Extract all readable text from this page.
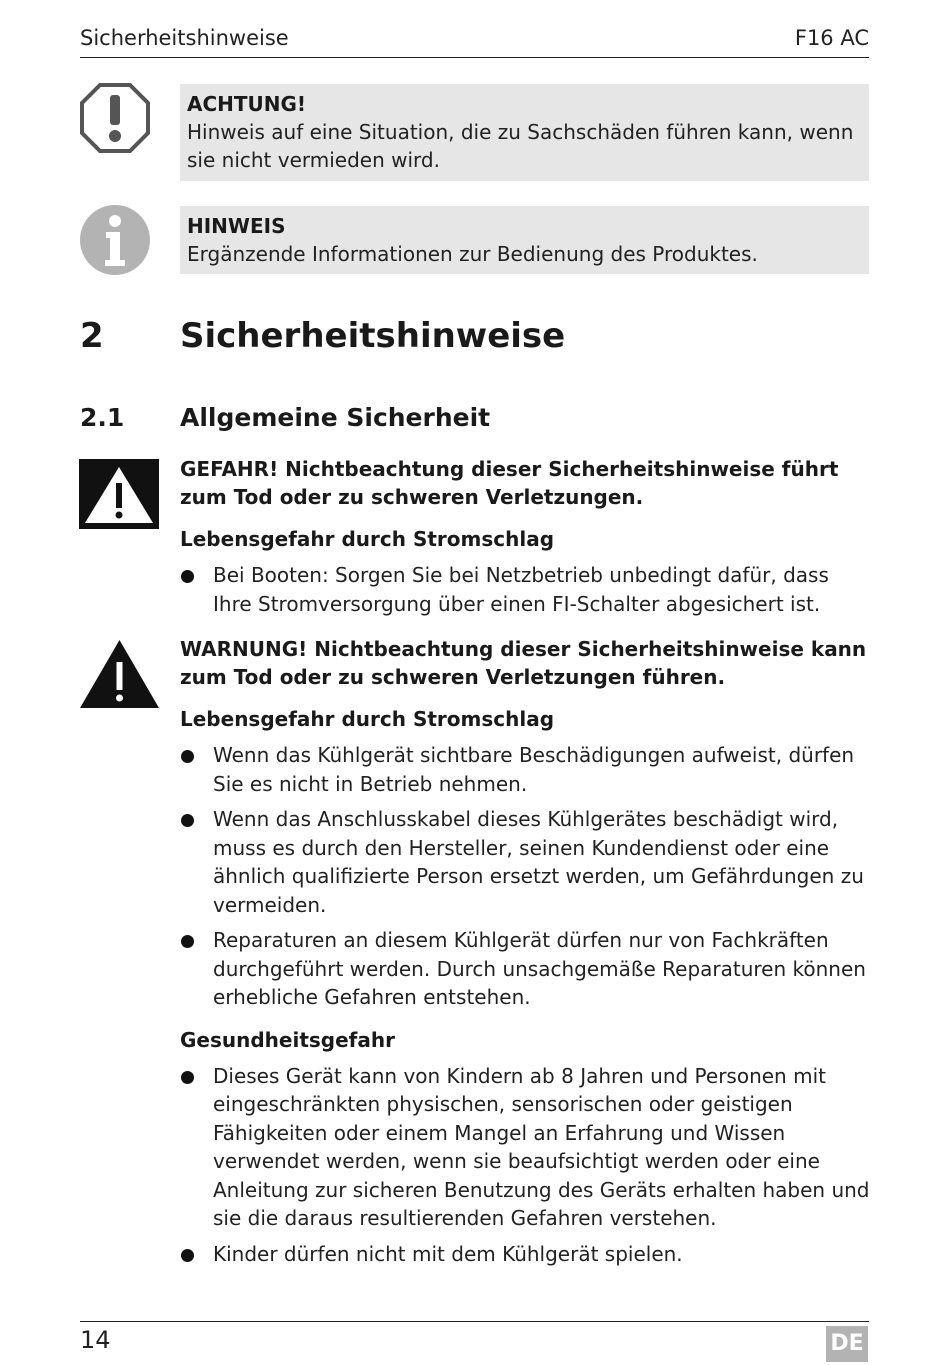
Sicherheitshinweise	F16 AC
ACHTUNG!
Hinweis auf eine Situation, die zu Sachschäden führen kann, wenn sie nicht vermieden wird.
HINWEIS
Ergänzende Informationen zur Bedienung des Produktes.
2 Sicherheitshinweise
2.1 Allgemeine Sicherheit
GEFAHR! Nichtbeachtung dieser Sicherheitshinweise führt zum Tod oder zu schweren Verletzungen.
Lebensgefahr durch Stromschlag
Bei Booten: Sorgen Sie bei Netzbetrieb unbedingt dafür, dass Ihre Stromversorgung über einen FI-Schalter abgesichert ist.
WARNUNG! Nichtbeachtung dieser Sicherheitshinweise kann zum Tod oder zu schweren Verletzungen führen.
Lebensgefahr durch Stromschlag
Wenn das Kühlgerät sichtbare Beschädigungen aufweist, dürfen Sie es nicht in Betrieb nehmen.
Wenn das Anschlusskabel dieses Kühlgerätes beschädigt wird, muss es durch den Hersteller, seinen Kundendienst oder eine ähnlich qualifizierte Person ersetzt werden, um Gefährdungen zu vermeiden.
Reparaturen an diesem Kühlgerät dürfen nur von Fachkräften durchgeführt werden. Durch unsachgemäße Reparaturen können erhebliche Gefahren entstehen.
Gesundheitsgefahr
Dieses Gerät kann von Kindern ab 8 Jahren und Personen mit eingeschränkten physischen, sensorischen oder geistigen Fähigkeiten oder einem Mangel an Erfahrung und Wissen verwendet werden, wenn sie beaufsichtigt werden oder eine Anleitung zur sicheren Benutzung des Geräts erhalten haben und sie die daraus resultierenden Gefahren verstehen.
Kinder dürfen nicht mit dem Kühlgerät spielen.
14	DE
